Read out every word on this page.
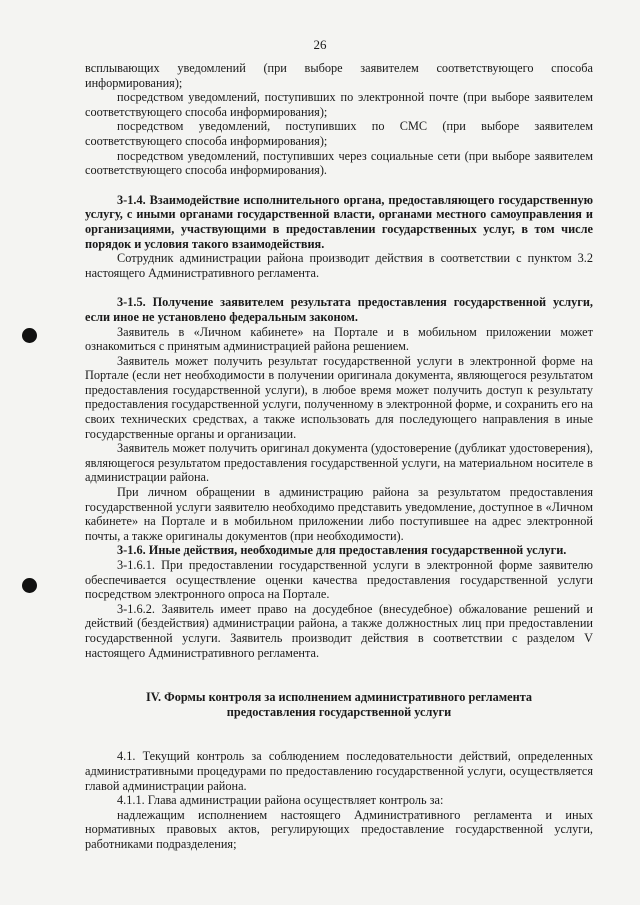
26

всплывающих уведомлений (при выборе заявителем соответствующего способа информирования);

посредством уведомлений, поступивших по электронной почте (при выборе заявителем соответствующего способа информирования);

посредством уведомлений, поступивших по СМС (при выборе заявителем соответствующего способа информирования);

посредством уведомлений, поступивших через социальные сети (при выборе заявителем соответствующего способа информирования).

3-1.4. Взаимодействие исполнительного органа, предоставляющего государственную услугу, с иными органами государственной власти, органами местного самоуправления и организациями, участвующими в предоставлении государственных услуг, в том числе порядок и условия такого взаимодействия.

Сотрудник администрации района производит действия в соответствии с пунктом 3.2 настоящего Административного регламента.

3-1.5. Получение заявителем результата предоставления государственной услуги, если иное не установлено федеральным законом.

Заявитель в «Личном кабинете» на Портале и в мобильном приложении может ознакомиться с принятым администрацией района решением.

Заявитель может получить результат государственной услуги в электронной форме на Портале (если нет необходимости в получении оригинала документа, являющегося результатом предоставления государственной услуги), в любое время может получить доступ к результату предоставления государственной услуги, полученному в электронной форме, и сохранить его на своих технических средствах, а также использовать для последующего направления в иные государственные органы и организации.

Заявитель может получить оригинал документа (удостоверение (дубликат удостоверения), являющегося результатом предоставления государственной услуги, на материальном носителе в администрации района.

При личном обращении в администрацию района за результатом предоставления государственной услуги заявителю необходимо представить уведомление, доступное в «Личном кабинете» на Портале и в мобильном приложении либо поступившее на адрес электронной почты, а также оригиналы документов (при необходимости).

3-1.6. Иные действия, необходимые для предоставления государственной услуги.

3-1.6.1. При предоставлении государственной услуги в электронной форме заявителю обеспечивается осуществление оценки качества предоставления государственной услуги посредством электронного опроса на Портале.

3-1.6.2. Заявитель имеет право на досудебное (внесудебное) обжалование решений и действий (бездействия) администрации района, а также должностных лиц при предоставлении государственной услуги. Заявитель производит действия в соответствии с разделом V настоящего Административного регламента.

IV. Формы контроля за исполнением административного регламента
предоставления государственной услуги

4.1. Текущий контроль за соблюдением последовательности действий, определенных административными процедурами по предоставлению государственной услуги, осуществляется главой администрации района.

4.1.1. Глава администрации района осуществляет контроль за:

надлежащим исполнением настоящего Административного регламента и иных нормативных правовых актов, регулирующих предоставление государственной услуги, работниками подразделения;
